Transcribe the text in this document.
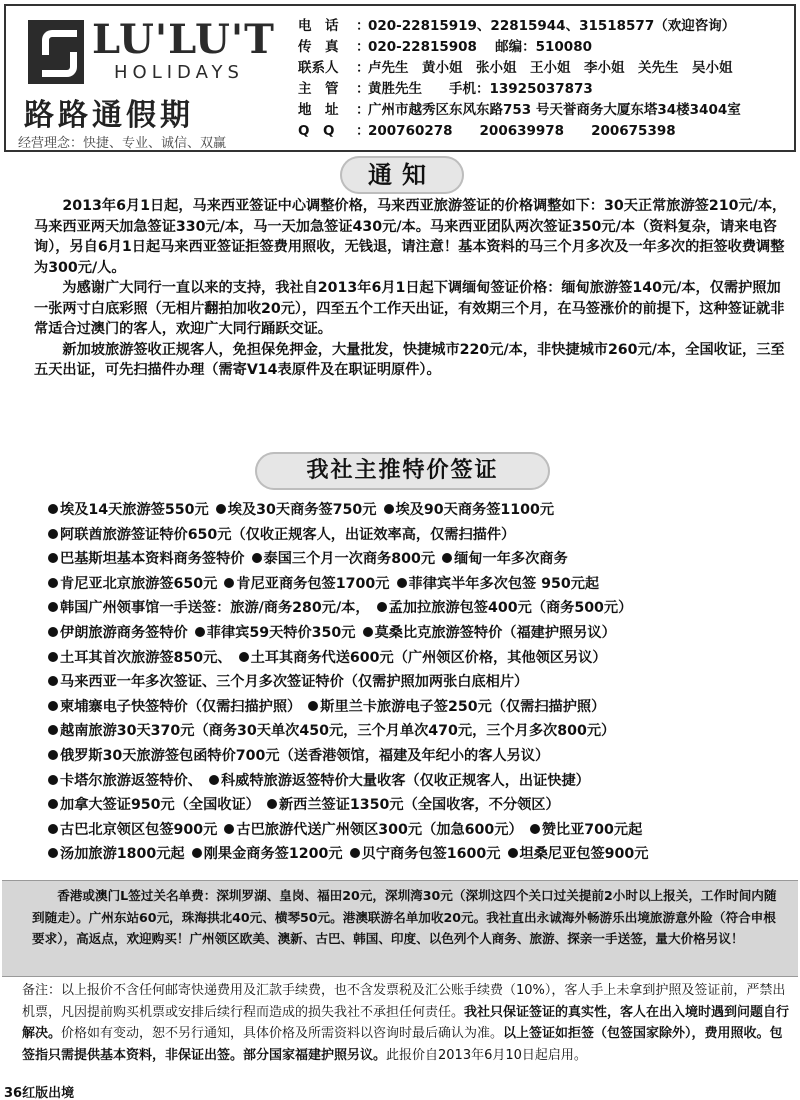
LU'LU'T
HOLIDAYS
路路通假期
经营理念：快捷、专业、诚信、双赢
电　话	：
020-22815919、22815944、31518577（欢迎咨询）
传　真	：
020-22815908　 邮编：510080
联系人	：
卢先生　黄小姐　张小姐　王小姐　李小姐　关先生　吴小姐
主　管	：
黄胜先生　　手机：13925037873
地　址	：
广州市越秀区东风东路753 号天誉商务大厦东塔34楼3404室
Q　Q	：
200760278　　200639978　　200675398
通知

2013年6月1日起，马来西亚签证中心调整价格，马来西亚旅游签证的价格调整如下：30天正常旅游签210元/本，马来西亚两天加急签证330元/本，马一天加急签证430元/本。马来西亚团队两次签证350元/本（资料复杂，请来电咨询），另自6月1日起马来西亚签证拒签费用照收，无钱退，请注意！基本资料的马三个月多次及一年多次的拒签收费调整为300元/人。

为感谢广大同行一直以来的支持，我社自2013年6月1日起下调缅甸签证价格：缅甸旅游签140元/本，仅需护照加一张两寸白底彩照（无相片翻拍加收20元），四至五个工作天出证，有效期三个月，在马签涨价的前提下，这种签证就非常适合过澳门的客人，欢迎广大同行踊跃交证。

新加坡旅游签收正规客人，免担保免押金，大量批发，快捷城市220元/本，非快捷城市260元/本，全国收证，三至五天出证，可先扫描件办理（需寄V14表原件及在职证明原件）。

我社主推特价签证
埃及14天旅游签550元  埃及30天商务签750元  埃及90天商务签1100元
阿联酋旅游签证特价650元（仅收正规客人，出证效率高，仅需扫描件）
巴基斯坦基本资料商务签特价  泰国三个月一次商务800元  缅甸一年多次商务
肯尼亚北京旅游签650元  肯尼亚商务包签1700元  菲律宾半年多次包签 950元起
韩国广州领事馆一手送签：旅游/商务280元/本，  孟加拉旅游包签400元（商务500元）
伊朗旅游商务签特价  菲律宾59天特价350元  莫桑比克旅游签特价（福建护照另议）
土耳其首次旅游签850元、  土耳其商务代送600元（广州领区价格，其他领区另议）
马来西亚一年多次签证、三个月多次签证特价（仅需护照加两张白底相片）
柬埔寨电子快签特价（仅需扫描护照）  斯里兰卡旅游电子签250元（仅需扫描护照）
越南旅游30天370元（商务30天单次450元，三个月单次470元，三个月多次800元）
俄罗斯30天旅游签包函特价700元（送香港领馆，福建及年纪小的客人另议）
卡塔尔旅游返签特价、  科威特旅游返签特价大量收客（仅收正规客人，出证快捷）
加拿大签证950元（全国收证）  新西兰签证1350元（全国收客，不分领区）
古巴北京领区包签900元  古巴旅游代送广州领区300元（加急600元）  赞比亚700元起
汤加旅游1800元起  刚果金商务签1200元  贝宁商务包签1600元  坦桑尼亚包签900元

香港或澳门L签过关名单费：深圳罗湖、皇岗、福田20元，深圳湾30元（深圳这四个关口过关提前2小时以上报关，工作时间内随到随走）。广州东站60元，珠海拱北40元、横琴50元。港澳联游名单加收20元。我社直出永诚海外畅游乐出境旅游意外险（符合申根要求），高返点，欢迎购买！广州领区欧美、澳新、古巴、韩国、印度、以色列个人商务、旅游、探亲一手送签，量大价格另议！

备注：以上报价不含任何邮寄快递费用及汇款手续费，也不含发票税及汇公账手续费（10%），客人手上未拿到护照及签证前，严禁出机票，凡因提前购买机票或安排后续行程而造成的损失我社不承担任何责任。我社只保证签证的真实性，客人在出入境时遇到问题自行解决。价格如有变动，恕不另行通知，具体价格及所需资料以咨询时最后确认为准。以上签证如拒签（包签国家除外），费用照收。包签指只需提供基本资料，非保证出签。部分国家福建护照另议。此报价自2013年6月10日起启用。
36红版出境
